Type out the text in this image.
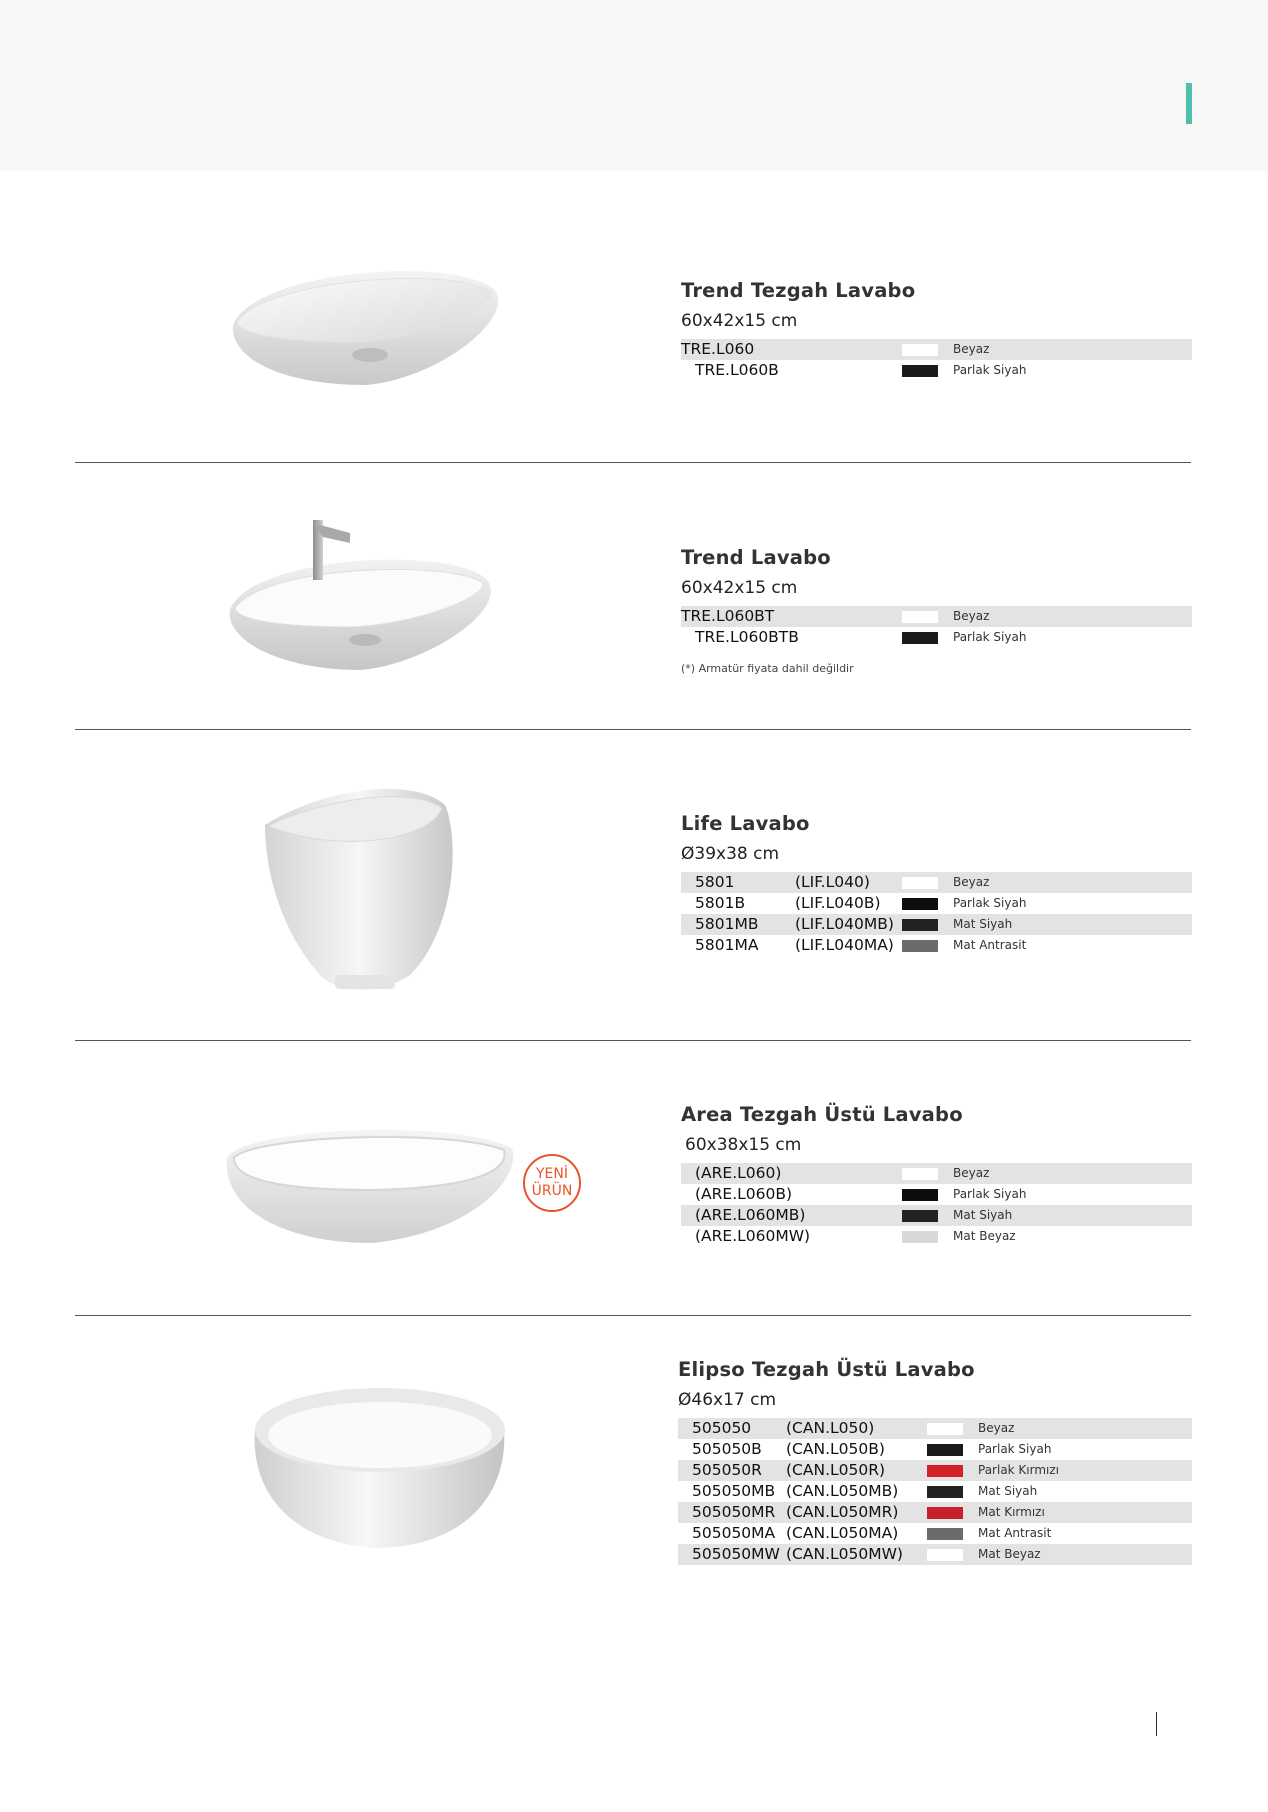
Trend Tezgah Lavabo
60x42x15 cm
TRE.L060	Beyaz
TRE.L060B	Parlak Siyah
Trend Lavabo
60x42x15 cm
TRE.L060BT	Beyaz
TRE.L060BTB	Parlak Siyah
(*) Armatür fiyata dahil değildir
Life Lavabo
Ø39x38 cm
5801	(LIF.L040)	Beyaz
5801B	(LIF.L040B)	Parlak Siyah
5801MB (LIF.L040MB)	Mat Siyah
5801MA (LIF.L040MA)	Mat Antrasit
YENİ
ÜRÜN
Area Tezgah Üstü Lavabo
60x38x15 cm
(ARE.L060)	Beyaz
(ARE.L060B)	Parlak Siyah
(ARE.L060MB)	Mat Siyah
(ARE.L060MW)	Mat Beyaz
Elipso Tezgah Üstü Lavabo
Ø46x17 cm
505050 (CAN.L050)	Beyaz
505050B (CAN.L050B)	Parlak Siyah
505050R (CAN.L050R)	Parlak Kırmızı
505050MB (CAN.L050MB)	Mat Siyah
505050MR (CAN.L050MR)	Mat Kırmızı
505050MA (CAN.L050MA)	Mat Antrasit
505050MW (CAN.L050MW)	Mat Beyaz
